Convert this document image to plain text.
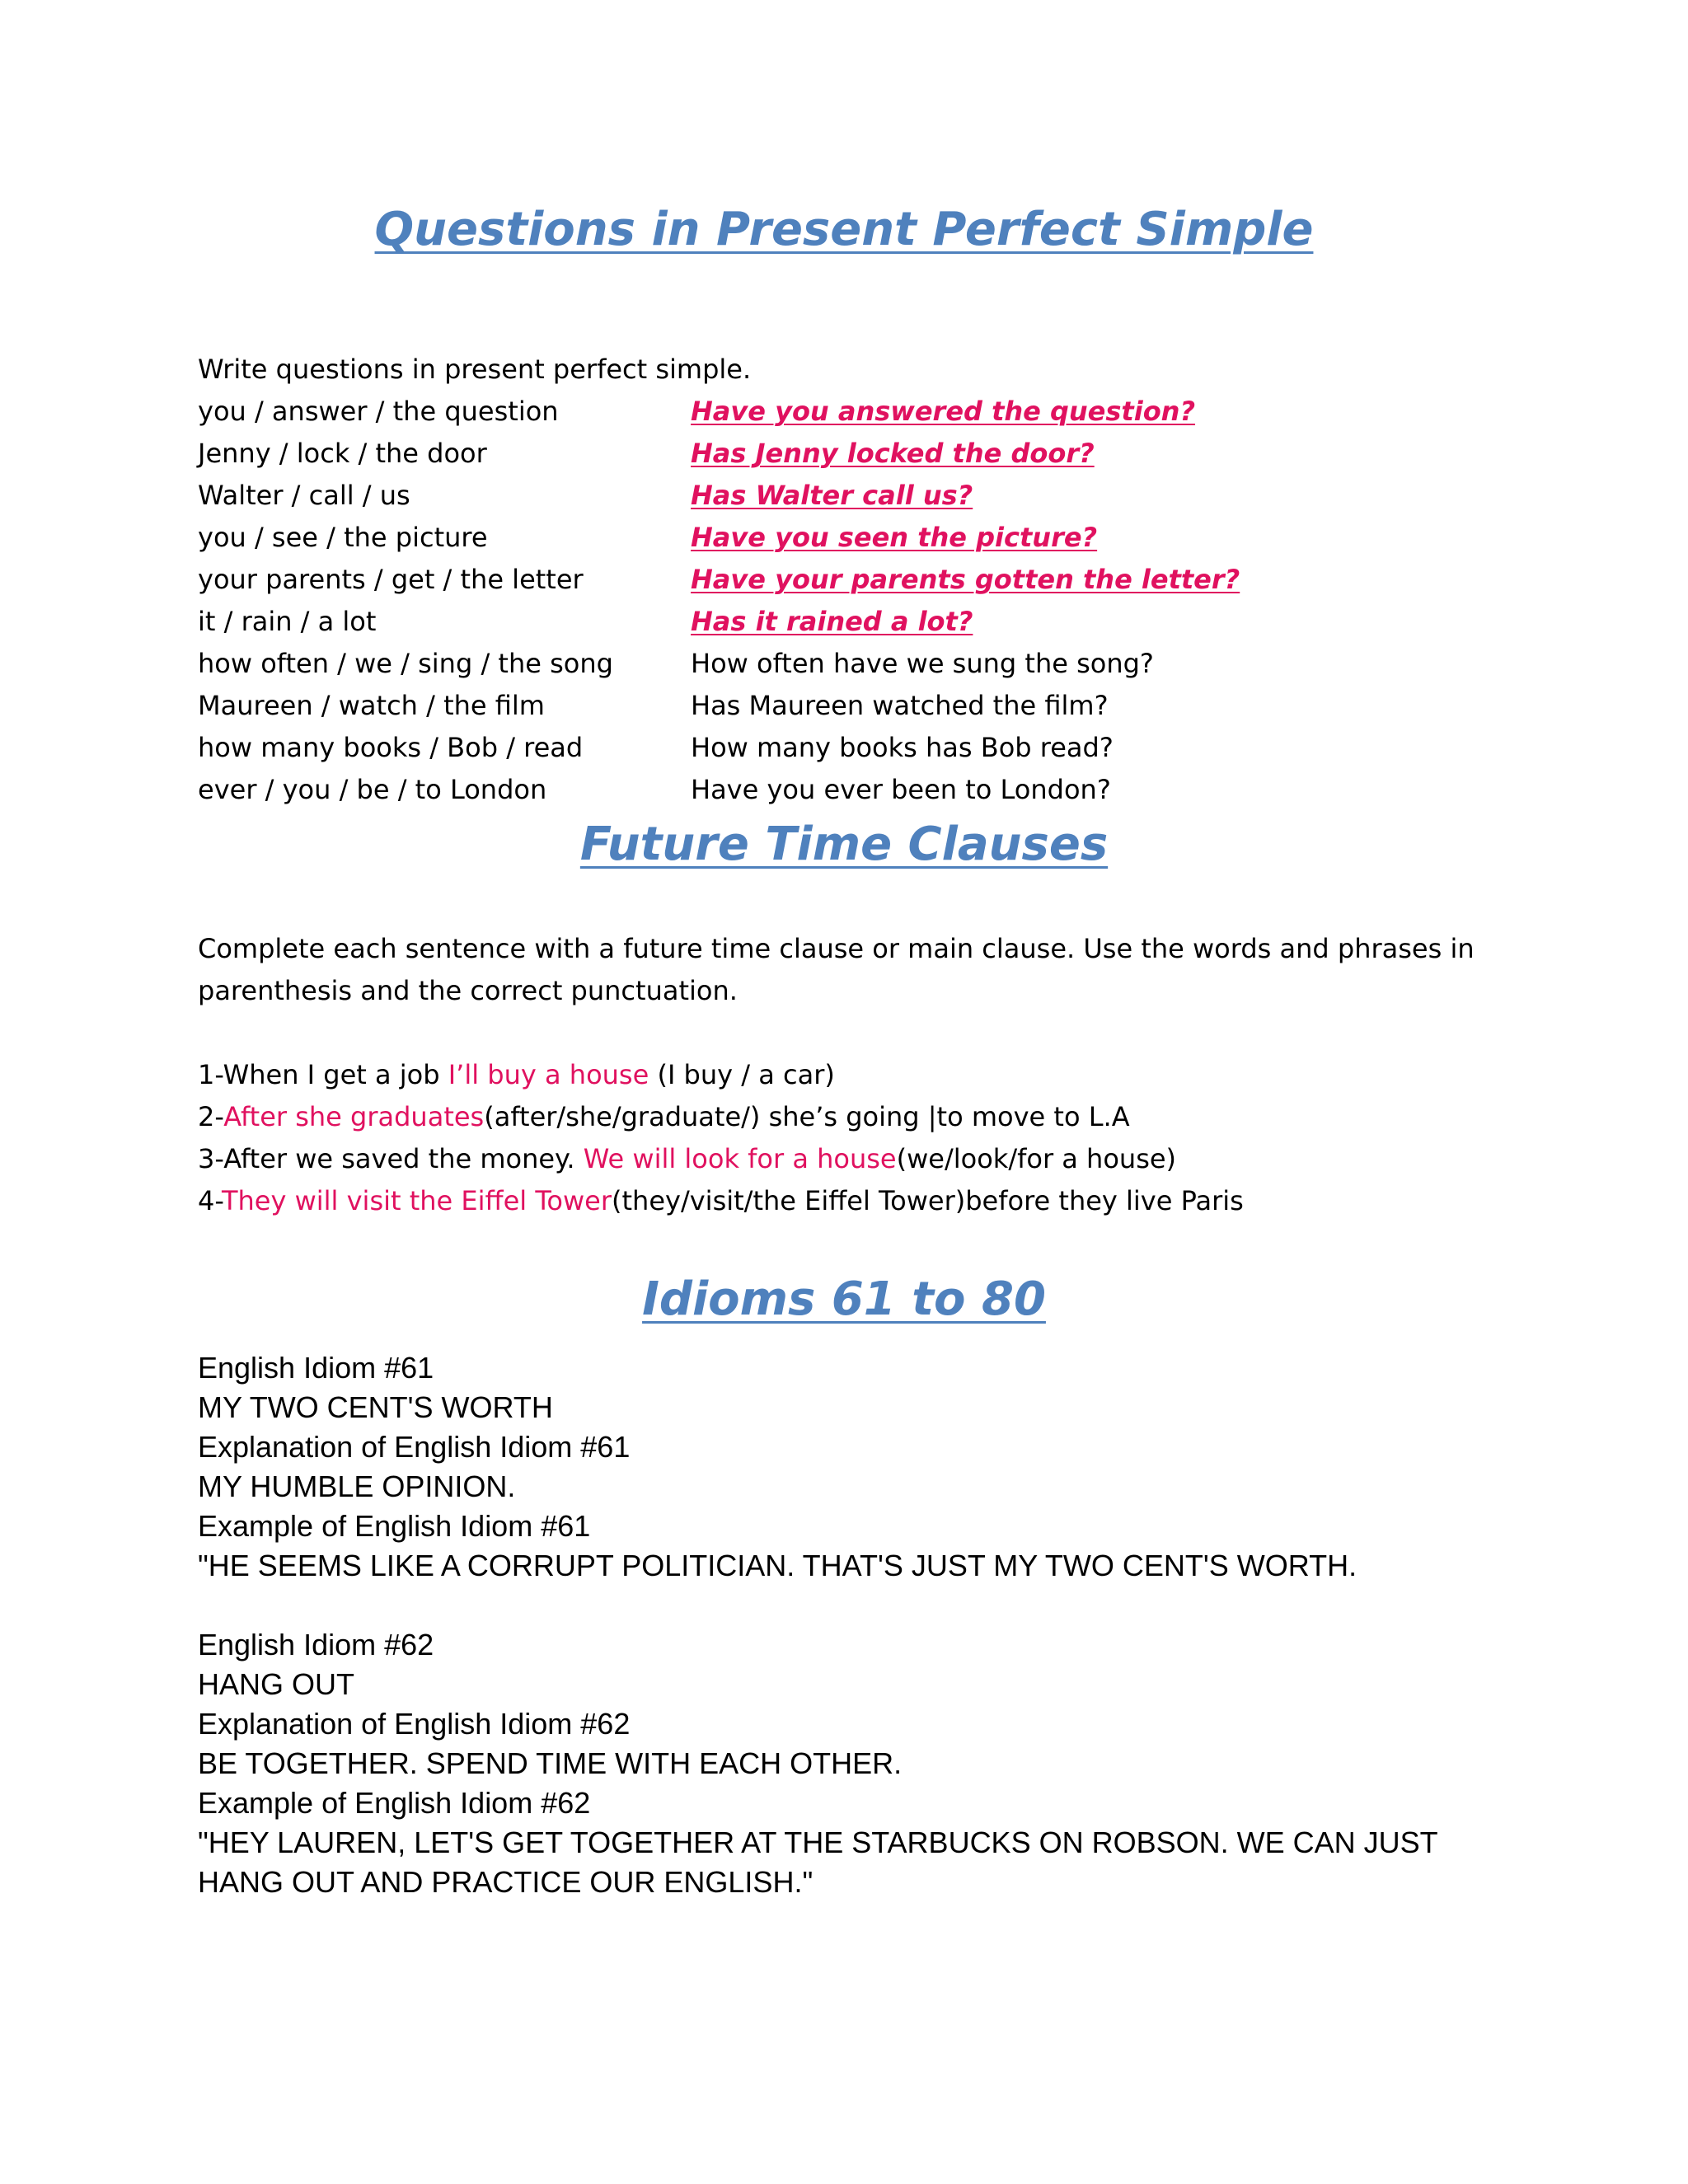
Questions in Present Perfect Simple
Write questions in present perfect simple.
you / answer / the question	Have you answered the question?
Jenny / lock / the door	Has Jenny locked the door?
Walter / call / us	Has Walter call us?
you / see / the picture	Have you seen the picture?
your parents / get / the letter	Have your parents gotten the letter?
it / rain / a lot	Has it rained a lot?
how often / we / sing / the song	How often have we sung the song?
Maureen / watch / the film	Has Maureen watched the film?
how many books / Bob / read	How many books has Bob read?
ever / you / be / to London	Have you ever been to London?
Future Time Clauses
Complete each sentence with a future time clause or main clause. Use the words and phrases in
parenthesis and the correct punctuation.
1-When I get a job I’ll buy a house (I buy / a car)
2-After she graduates(after/she/graduate/) she’s going |to move to L.A
3-After we saved the money. We will look for a house(we/look/for a house)
4-They will visit the Eiffel Tower(they/visit/the Eiffel Tower)before they live Paris
Idioms 61 to 80
English Idiom #61
MY TWO CENT'S WORTH
Explanation of English Idiom #61
MY HUMBLE OPINION.
Example of English Idiom #61
"HE SEEMS LIKE A CORRUPT POLITICIAN. THAT'S JUST MY TWO CENT'S WORTH.
English Idiom #62
HANG OUT
Explanation of English Idiom #62
BE TOGETHER. SPEND TIME WITH EACH OTHER.
Example of English Idiom #62
"HEY LAUREN, LET'S GET TOGETHER AT THE STARBUCKS ON ROBSON. WE CAN JUST
HANG OUT AND PRACTICE OUR ENGLISH."
